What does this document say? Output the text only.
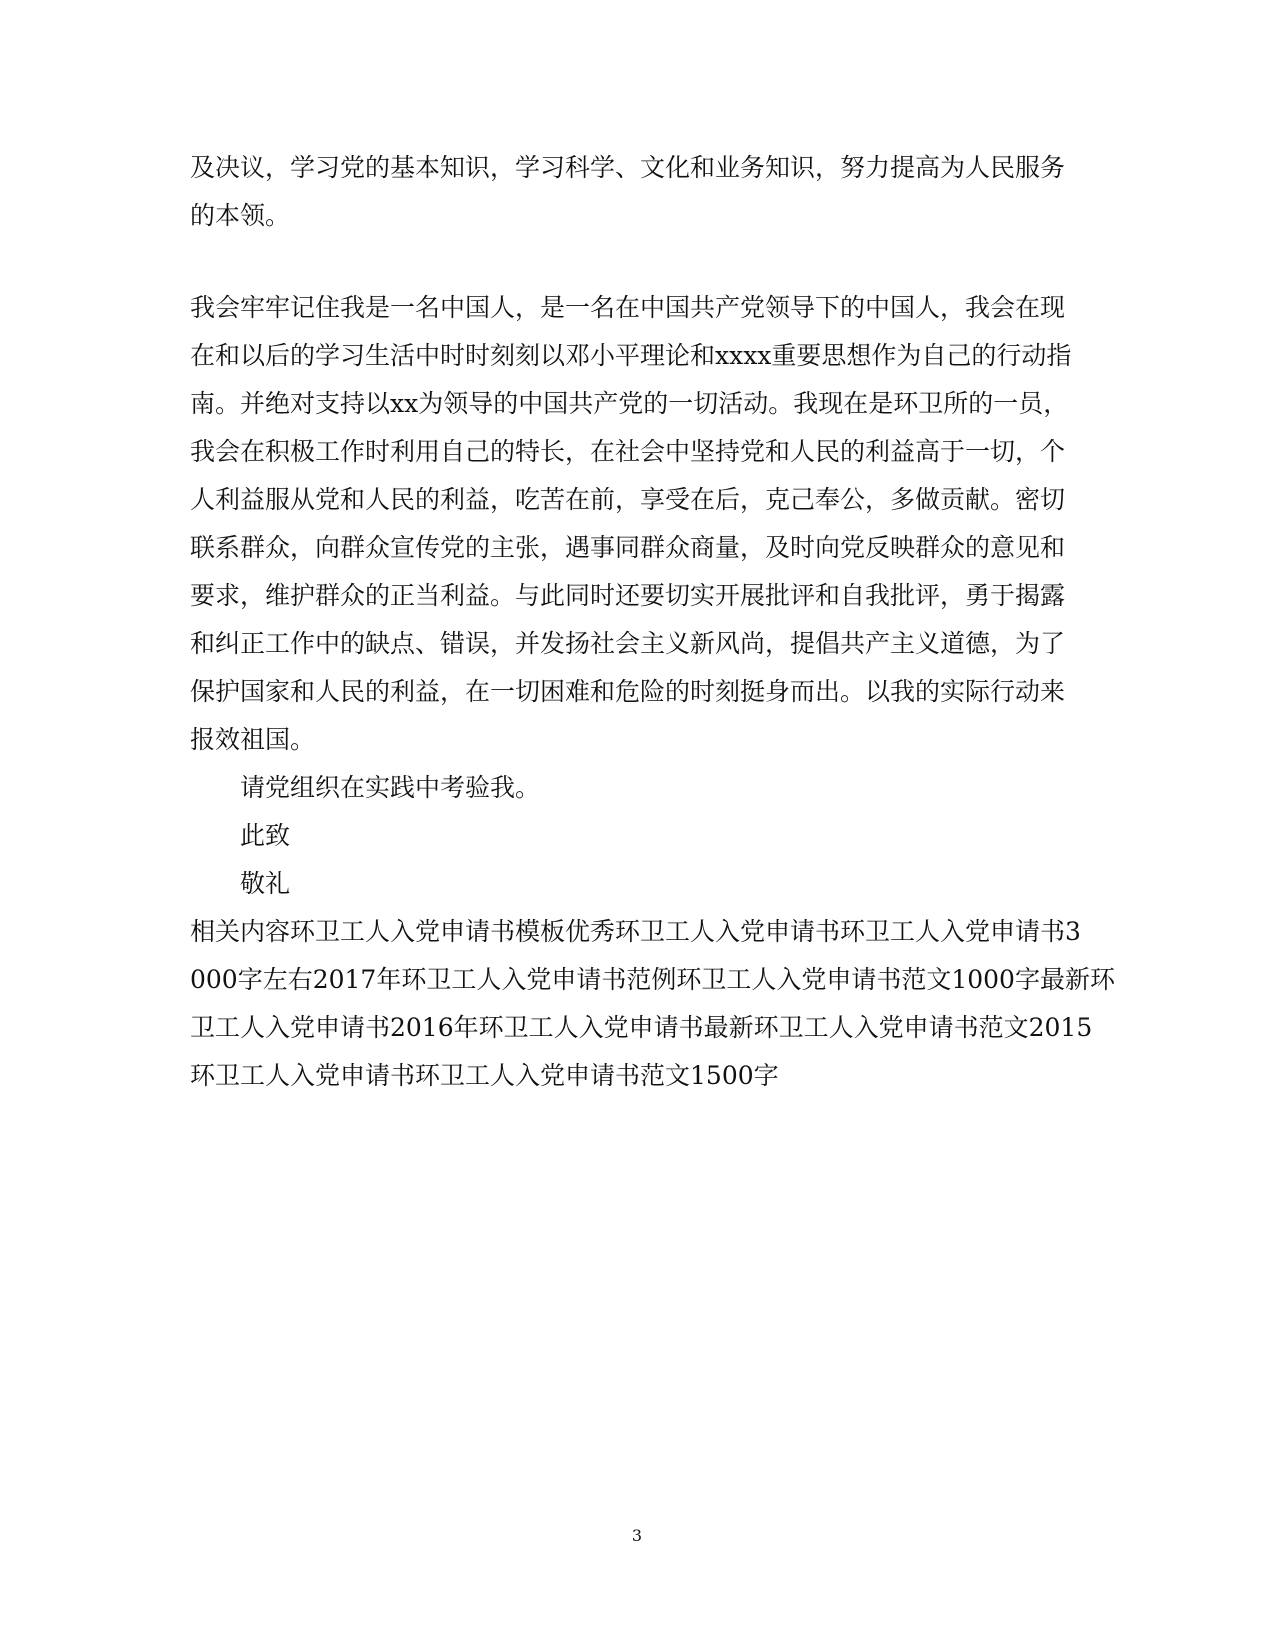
及决议，学习党的基本知识，学习科学、文化和业务知识，努力提高为人民服务
的本领。
我会牢牢记住我是一名中国人，是一名在中国共产党领导下的中国人，我会在现
在和以后的学习生活中时时刻刻以邓小平理论和xxxx重要思想作为自己的行动指
南。并绝对支持以xx为领导的中国共产党的一切活动。我现在是环卫所的一员，
我会在积极工作时利用自己的特长，在社会中坚持党和人民的利益高于一切，个
人利益服从党和人民的利益，吃苦在前，享受在后，克己奉公，多做贡献。密切
联系群众，向群众宣传党的主张，遇事同群众商量，及时向党反映群众的意见和
要求，维护群众的正当利益。与此同时还要切实开展批评和自我批评，勇于揭露
和纠正工作中的缺点、错误，并发扬社会主义新风尚，提倡共产主义道德，为了
保护国家和人民的利益，在一切困难和危险的时刻挺身而出。以我的实际行动来
报效祖国。
请党组织在实践中考验我。
此致
敬礼
相关内容环卫工人入党申请书模板优秀环卫工人入党申请书环卫工人入党申请书3
000字左右2017年环卫工人入党申请书范例环卫工人入党申请书范文1000字最新环
卫工人入党申请书2016年环卫工人入党申请书最新环卫工人入党申请书范文2015
环卫工人入党申请书环卫工人入党申请书范文1500字
3
